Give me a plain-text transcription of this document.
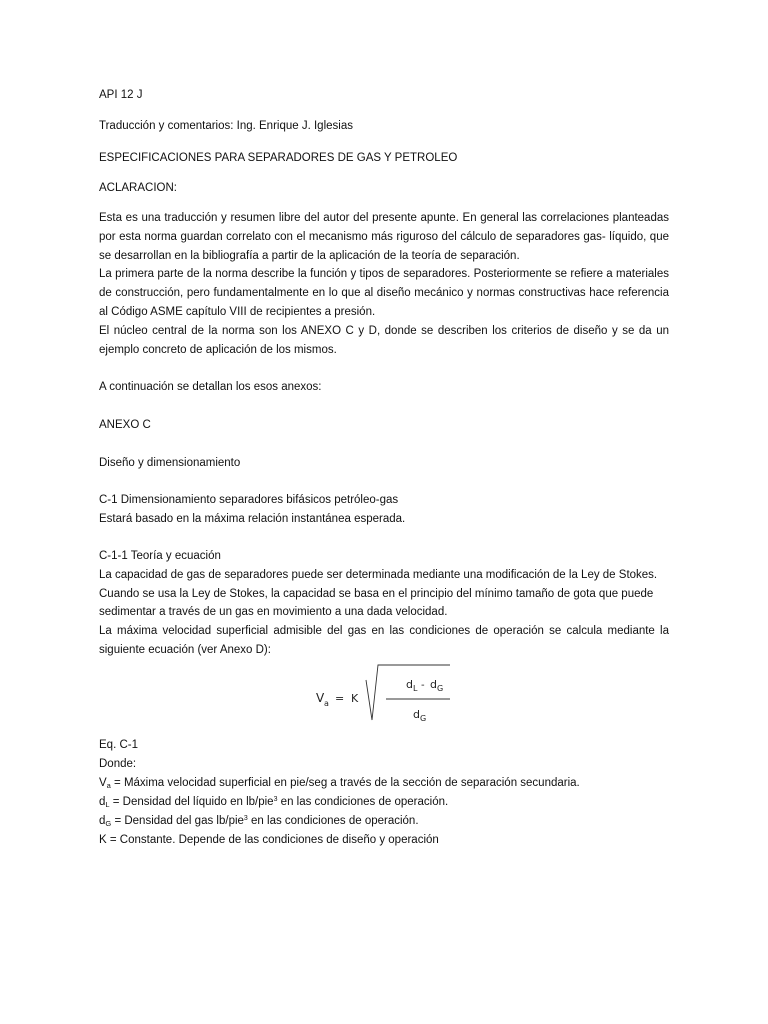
API 12 J
Traducción y comentarios: Ing. Enrique J. Iglesias
ESPECIFICACIONES PARA SEPARADORES DE GAS Y PETROLEO
ACLARACION:

Esta es una traducción y resumen libre del autor del presente apunte. En general las correlaciones planteadas por esta norma guardan correlato con el mecanismo más riguroso del cálculo de separadores gas- líquido, que se desarrollan en la bibliografía a partir de la aplicación de la teoría de separación.

La primera parte de la norma describe la función y tipos de separadores. Posteriormente se refiere a materiales de construcción, pero fundamentalmente en lo que al diseño mecánico y normas constructivas hace referencia al Código ASME capítulo VIII de recipientes a presión.

El núcleo central de la norma son los ANEXO C y D, donde se describen los criterios de diseño y se da un ejemplo concreto de aplicación de los mismos.

A continuación se detallan los esos anexos:
ANEXO C
Diseño y dimensionamiento
C-1 Dimensionamiento separadores bifásicos petróleo-gas
Estará basado en la máxima relación instantánea esperada.
C-1-1 Teoría y ecuación
La capacidad de gas de separadores puede ser determinada mediante una modificación de la Ley de Stokes.
Cuando se usa la Ley de Stokes, la capacidad se basa en el principio del mínimo tamaño de gota que puede
sedimentar a través de un gas en movimiento a una dada velocidad.
La máxima velocidad superficial admisible del gas en las condiciones de operación se calcula mediante la siguiente ecuación (ver Anexo D):
V a = K
d L - d G
d G
Eq. C-1
Donde:
Va = Máxima velocidad superficial en pie/seg a través de la sección de separación secundaria.
dL = Densidad del líquido en lb/pie$^3$ en las condiciones de operación.
dG = Densidad del gas lb/pie$^3$ en las condiciones de operación.
K = Constante. Depende de las condiciones de diseño y operación
